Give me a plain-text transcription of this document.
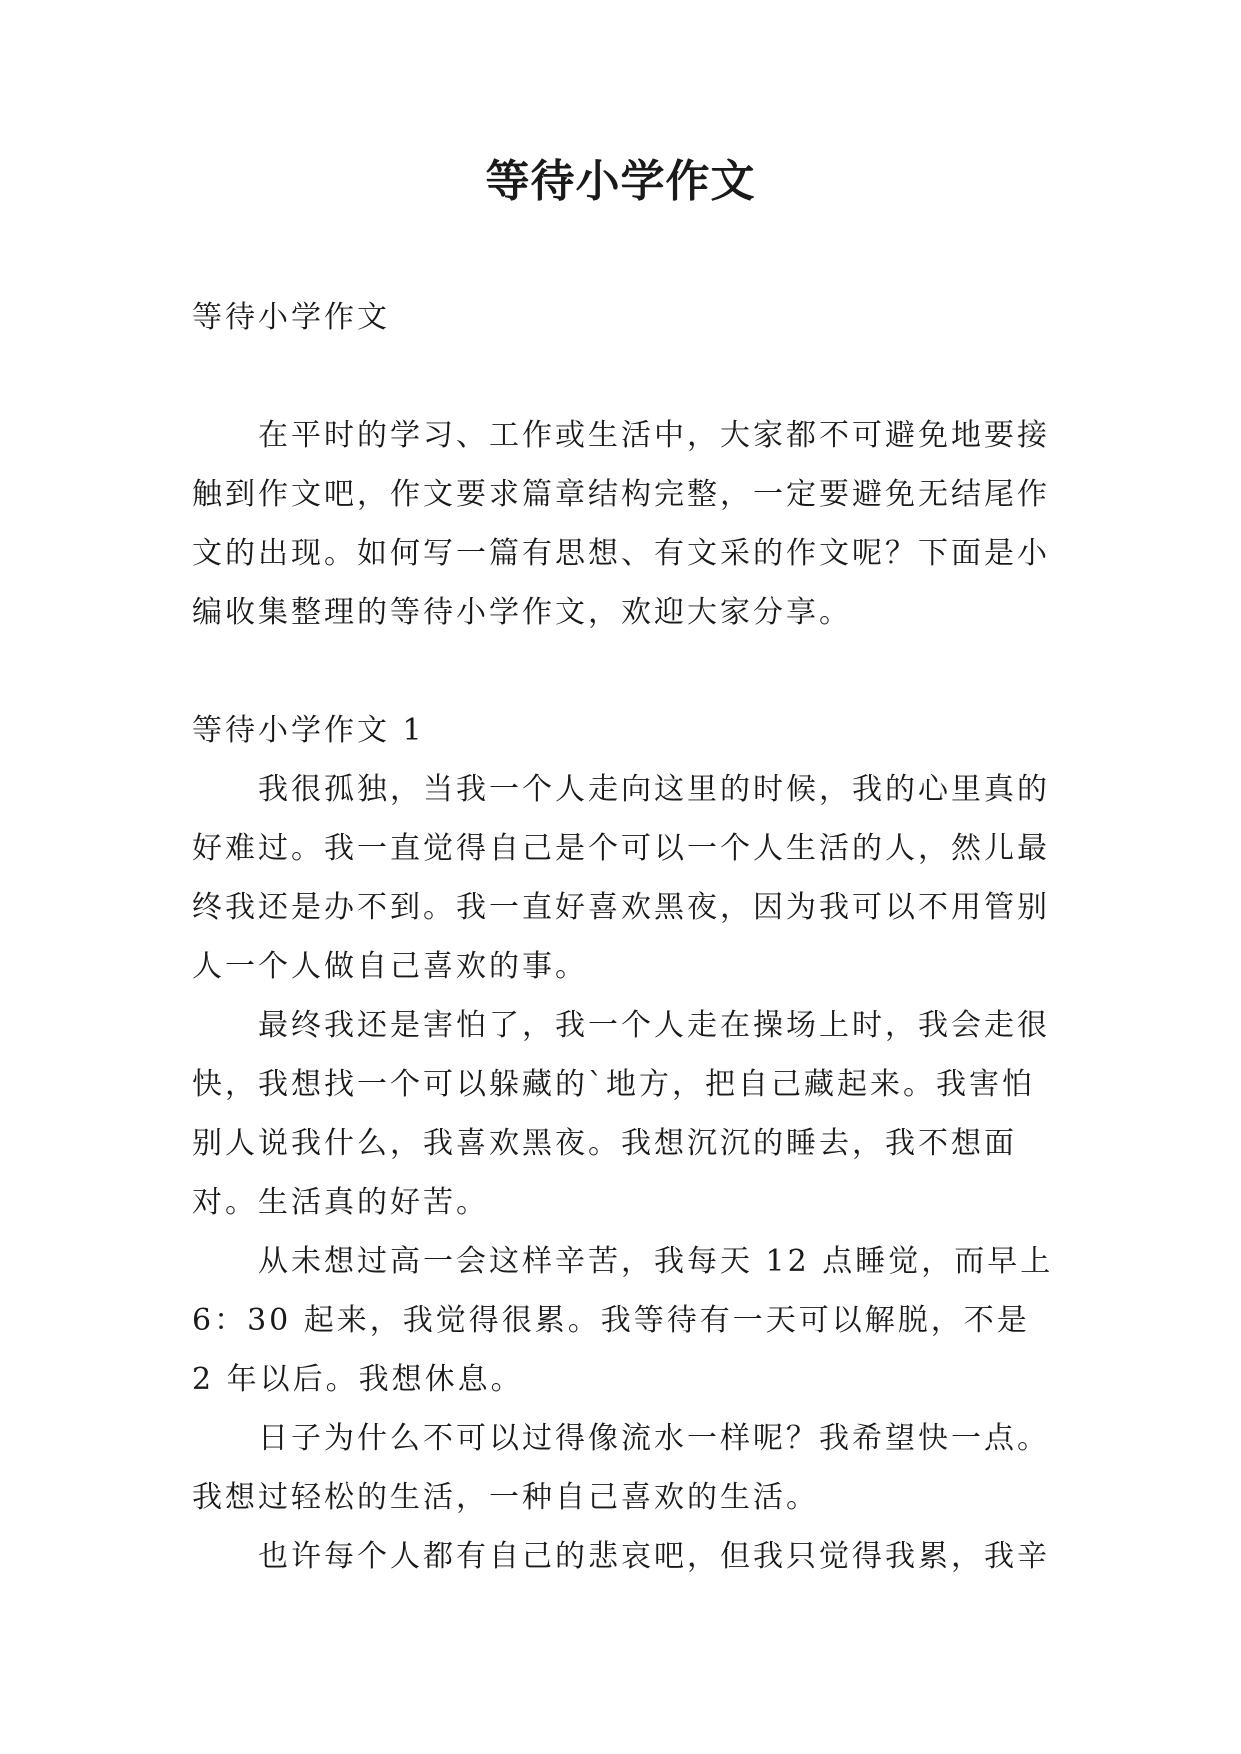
等待小学作文

等待小学作文

在平时的学习、工作或生活中，大家都不可避免地要接触到作文吧，作文要求篇章结构完整，一定要避免无结尾作文的出现。如何写一篇有思想、有文采的作文呢？下面是小编收集整理的等待小学作文，欢迎大家分享。

等待小学作文 1

我很孤独，当我一个人走向这里的时候，我的心里真的好难过。我一直觉得自己是个可以一个人生活的人，然儿最终我还是办不到。我一直好喜欢黑夜，因为我可以不用管别人一个人做自己喜欢的事。

最终我还是害怕了，我一个人走在操场上时，我会走很快，我想找一个可以躲藏的`地方，把自己藏起来。我害怕别人说我什么，我喜欢黑夜。我想沉沉的睡去，我不想面对。生活真的好苦。

从未想过高一会这样辛苦，我每天 12 点睡觉，而早上 6：30 起来，我觉得很累。我等待有一天可以解脱，不是 2 年以后。我想休息。

日子为什么不可以过得像流水一样呢？我希望快一点。我想过轻松的生活，一种自己喜欢的生活。

也许每个人都有自己的悲哀吧，但我只觉得我累，我辛
